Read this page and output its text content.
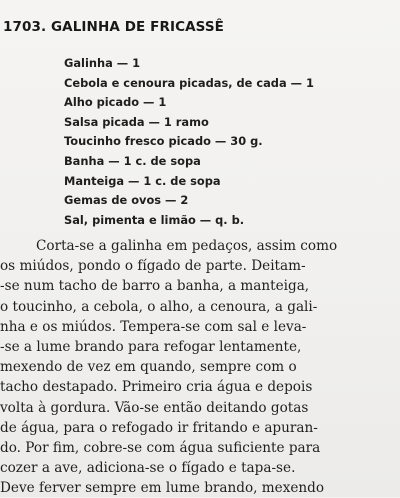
1703. GALINHA DE FRICASSÊ
Galinha — 1
Cebola e cenoura picadas, de cada — 1
Alho picado — 1
Salsa picada — 1 ramo
Toucinho fresco picado — 30 g.
Banha — 1 c. de sopa
Manteiga — 1 c. de sopa
Gemas de ovos — 2
Sal, pimenta e limão — q. b.
Corta-se a galinha em pedaços, assim como
os miúdos, pondo o fígado de parte. Deitam-
-se num tacho de barro a banha, a manteiga,
o toucinho, a cebola, o alho, a cenoura, a gali-
nha e os miúdos. Tempera-se com sal e leva-
-se a lume brando para refogar lentamente,
mexendo de vez em quando, sempre com o
tacho destapado. Primeiro cria água e depois
volta à gordura. Vão-se então deitando gotas
de água, para o refogado ir fritando e apuran-
do. Por fim, cobre-se com água suficiente para
cozer a ave, adiciona-se o fígado e tapa-se.
Deve ferver sempre em lume brando, mexendo
